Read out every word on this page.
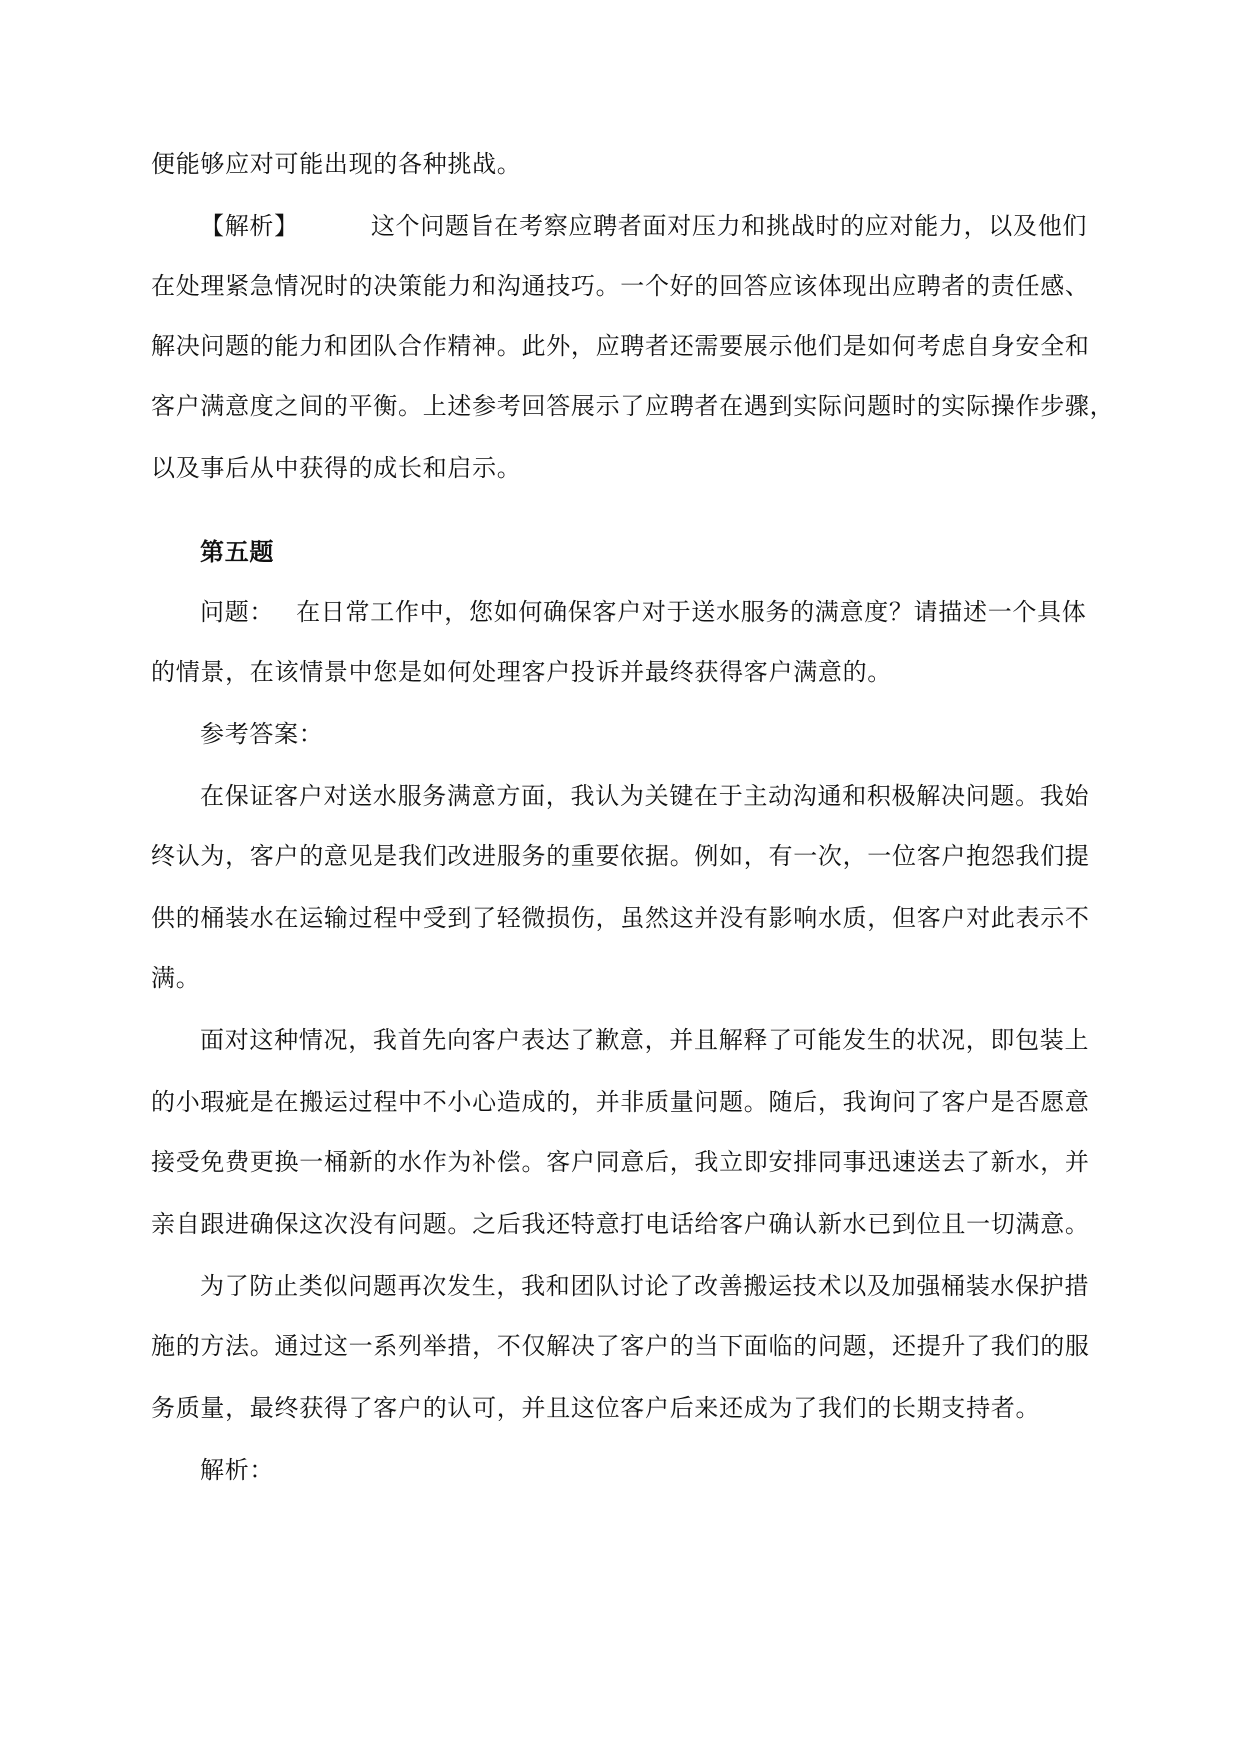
便能够应对可能出现的各种挑战。
【解析】	这个问题旨在考察应聘者面对压力和挑战时的应对能力，以及他们
在处理紧急情况时的决策能力和沟通技巧。一个好的回答应该体现出应聘者的责任感、
解决问题的能力和团队合作精神。此外，应聘者还需要展示他们是如何考虑自身安全和
客户满意度之间的平衡。上述参考回答展示了应聘者在遇到实际问题时的实际操作步骤，
以及事后从中获得的成长和启示。
第五题
问题： 在日常工作中，您如何确保客户对于送水服务的满意度？请描述一个具体
的情景，在该情景中您是如何处理客户投诉并最终获得客户满意的。
参考答案：
在保证客户对送水服务满意方面，我认为关键在于主动沟通和积极解决问题。我始
终认为，客户的意见是我们改进服务的重要依据。例如，有一次，一位客户抱怨我们提
供的桶装水在运输过程中受到了轻微损伤，虽然这并没有影响水质，但客户对此表示不
满。
面对这种情况，我首先向客户表达了歉意，并且解释了可能发生的状况，即包装上
的小瑕疵是在搬运过程中不小心造成的，并非质量问题。随后，我询问了客户是否愿意
接受免费更换一桶新的水作为补偿。客户同意后，我立即安排同事迅速送去了新水，并
亲自跟进确保这次没有问题。之后我还特意打电话给客户确认新水已到位且一切满意。
为了防止类似问题再次发生，我和团队讨论了改善搬运技术以及加强桶装水保护措
施的方法。通过这一系列举措，不仅解决了客户的当下面临的问题，还提升了我们的服
务质量，最终获得了客户的认可，并且这位客户后来还成为了我们的长期支持者。
解析：
